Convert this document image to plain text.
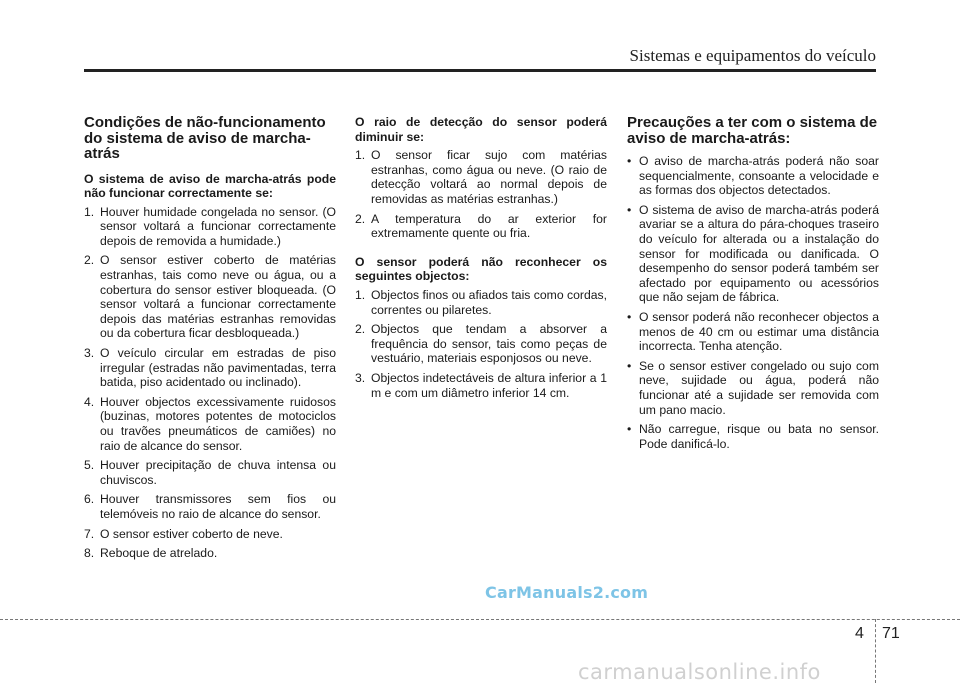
Sistemas e equipamentos do veículo
Condições de não-funcionamento do sistema de aviso de marcha-atrás

O sistema de aviso de marcha-atrás pode não funcionar correctamente se:

1. Houver humidade congelada no sensor. (O sensor voltará a funcionar correctamente depois de removida a humidade.)
2. O sensor estiver coberto de matérias estranhas, tais como neve ou água, ou a cobertura do sensor estiver bloqueada. (O sensor voltará a funcionar correctamente depois das matérias estranhas removidas ou da cobertura ficar desbloqueada.)
3. O veículo circular em estradas de piso irregular (estradas não pavimentadas, terra batida, piso acidentado ou inclinado).
4. Houver objectos excessivamente ruidosos (buzinas, motores potentes de motociclos ou travões pneumáticos de camiões) no raio de alcance do sensor.
5. Houver precipitação de chuva intensa ou chuviscos.
6. Houver transmissores sem fios ou telemóveis no raio de alcance do sensor.
7. O sensor estiver coberto de neve.
8. Reboque de atrelado.

O raio de detecção do sensor poderá diminuir se:

1. O sensor ficar sujo com matérias estranhas, como água ou neve. (O raio de detecção voltará ao normal depois de removidas as matérias estranhas.)
2. A temperatura do ar exterior for extremamente quente ou fria.

O sensor poderá não reconhecer os seguintes objectos:

1. Objectos finos ou afiados tais como cordas, correntes ou pilaretes.
2. Objectos que tendam a absorver a frequência do sensor, tais como peças de vestuário, materiais esponjosos ou neve.
3. Objectos indetectáveis de altura inferior a 1 m e com um diâmetro inferior 14 cm.
Precauções a ter com o sistema de aviso de marcha-atrás:
• O aviso de marcha-atrás poderá não soar sequencialmente, consoante a velocidade e as formas dos objectos detectados.
• O sistema de aviso de marcha-atrás poderá avariar se a altura do pára-choques traseiro do veículo for alterada ou a instalação do sensor for modificada ou danificada. O desempenho do sensor poderá também ser afectado por equipamento ou acessórios que não sejam de fábrica.
• O sensor poderá não reconhecer objectos a menos de 40 cm ou estimar uma distância incorrecta. Tenha atenção.
• Se o sensor estiver congelado ou sujo com neve, sujidade ou água, poderá não funcionar até a sujidade ser removida com um pano macio.
• Não carregue, risque ou bata no sensor. Pode danificá-lo.
CarManuals2.com
4 71
carmanualsonline.info
